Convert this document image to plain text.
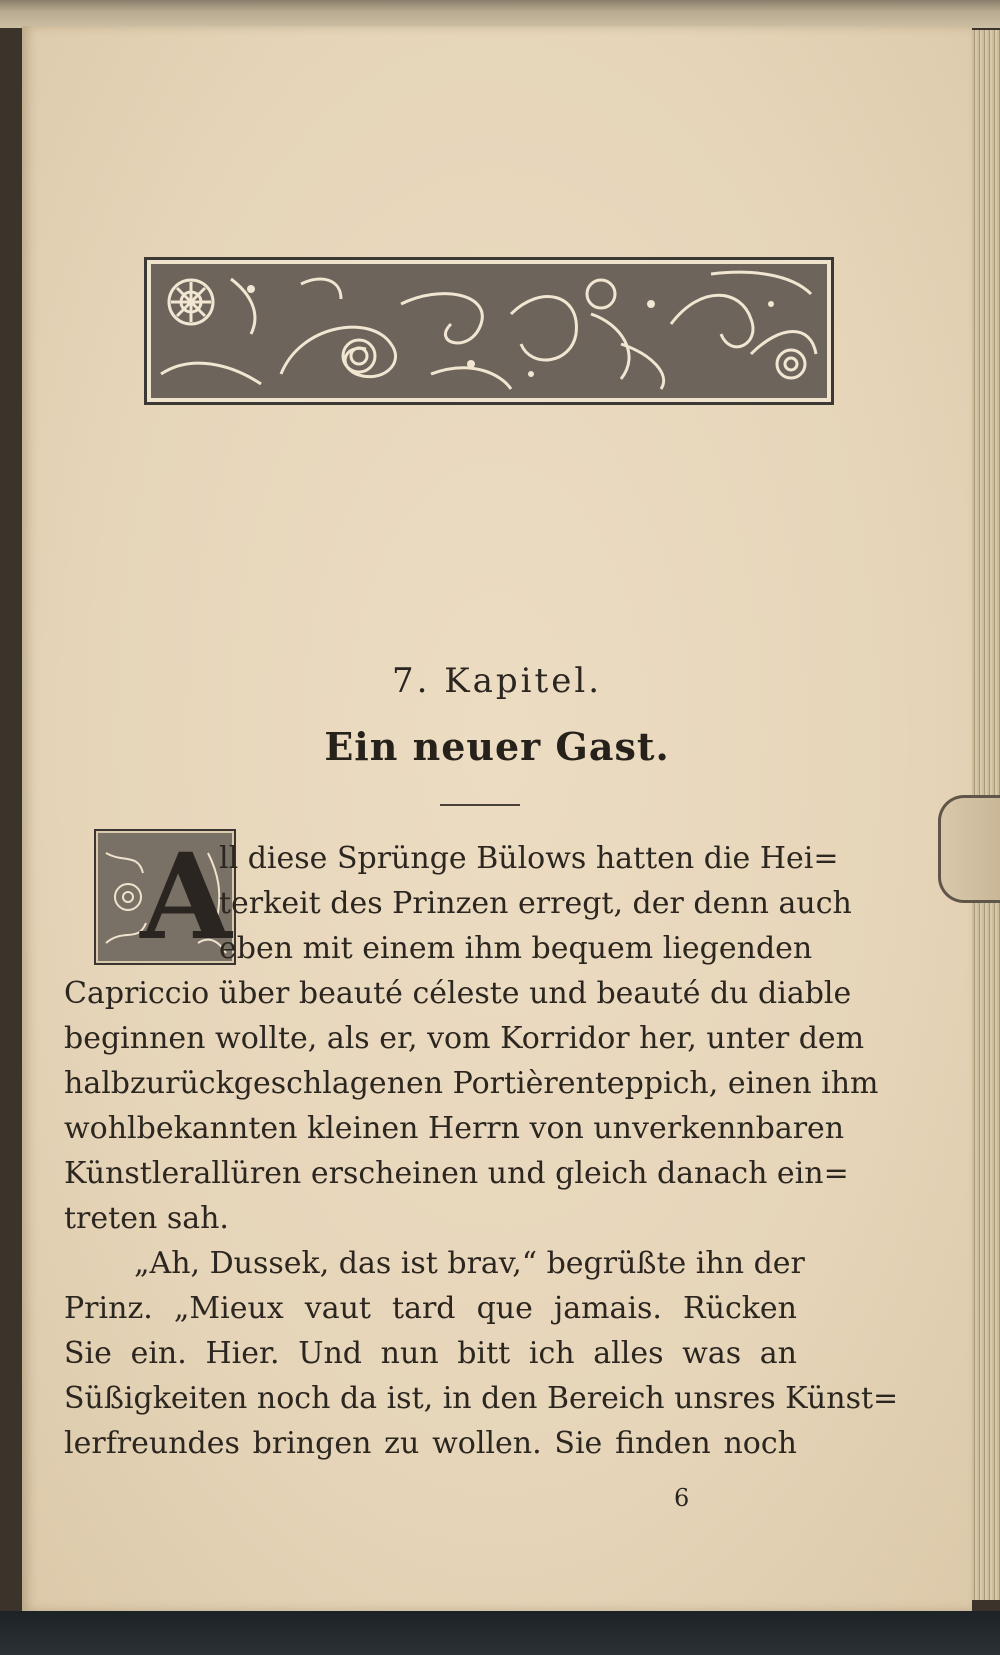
7. Kapitel.
Ein neuer Gast.
A
ll diese Sprünge Bülows hatten die Hei=
terkeit des Prinzen erregt, der denn auch
eben mit einem ihm bequem liegenden
Capriccio über beauté céleste und beauté du diable
beginnen wollte, als er, vom Korridor her, unter dem
halbzurückgeschlagenen Portièrenteppich, einen ihm
wohlbekannten kleinen Herrn von unverkennbaren
Künstlerallüren erscheinen und gleich danach ein=
treten sah.
„Ah, Dussek, das ist brav,“ begrüßte ihn der
Prinz. „Mieux vaut tard que jamais. Rücken
Sie ein. Hier. Und nun bitt ich alles was an
Süßigkeiten noch da ist, in den Bereich unsres Künst=
lerfreundes bringen zu wollen. Sie finden noch
6
